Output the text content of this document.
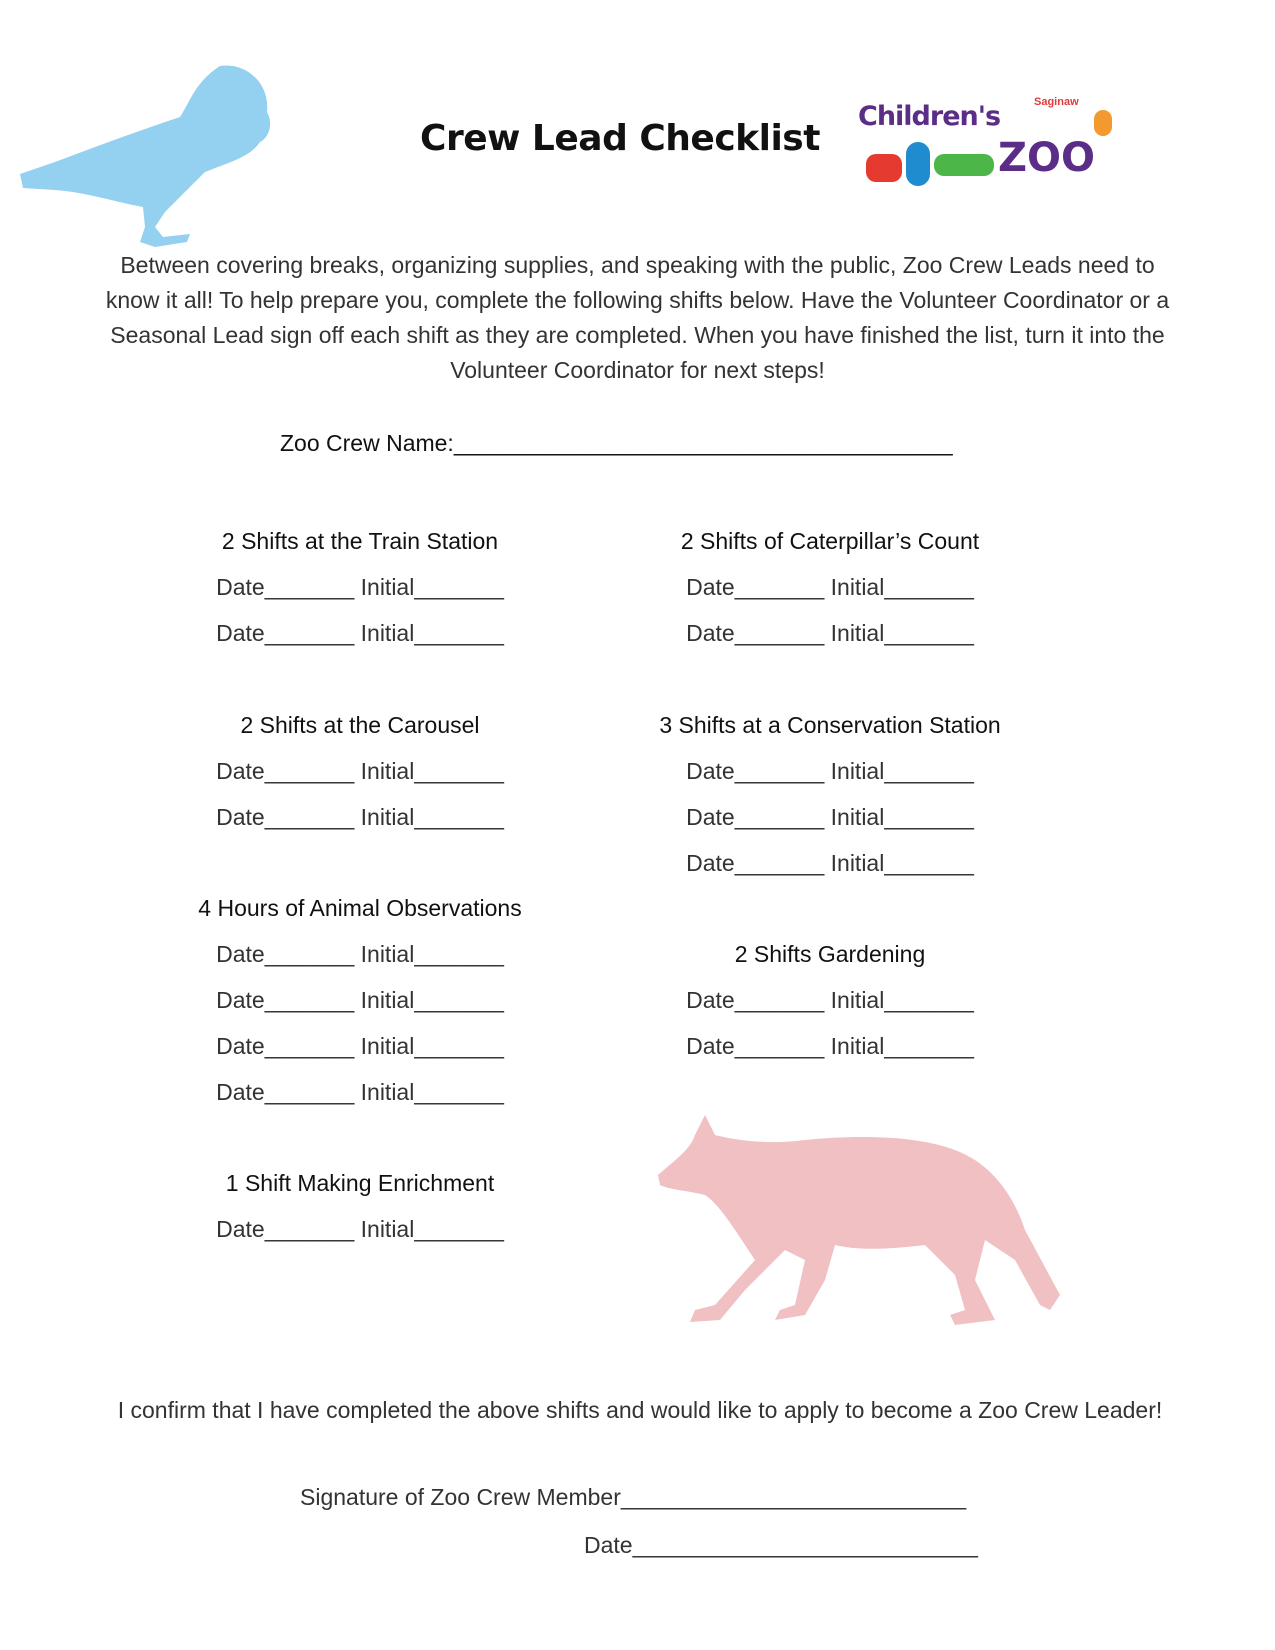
Crew Lead Checklist
Saginaw
Children's
ZOO
Between covering breaks, organizing supplies, and speaking with the public, Zoo Crew Leads need to know it all! To help prepare you, complete the following shifts below. Have the Volunteer Coordinator or a Seasonal Lead sign off each shift as they are completed. When you have finished the list, turn it into the Volunteer Coordinator for next steps!
Zoo Crew Name:_______________________________________
2 Shifts at the Train Station
Date_______ Initial_______
Date_______ Initial_______
2 Shifts of Caterpillar’s Count
Date_______ Initial_______
Date_______ Initial_______
2 Shifts at the Carousel
Date_______ Initial_______
Date_______ Initial_______
3 Shifts at a Conservation Station
Date_______ Initial_______
Date_______ Initial_______
Date_______ Initial_______
4 Hours of Animal Observations
Date_______ Initial_______
Date_______ Initial_______
Date_______ Initial_______
Date_______ Initial_______
2 Shifts Gardening
Date_______ Initial_______
Date_______ Initial_______
1 Shift Making Enrichment
Date_______ Initial_______
I confirm that I have completed the above shifts and would like to apply to become a Zoo Crew Leader!
Signature of Zoo Crew Member___________________________
Date___________________________
